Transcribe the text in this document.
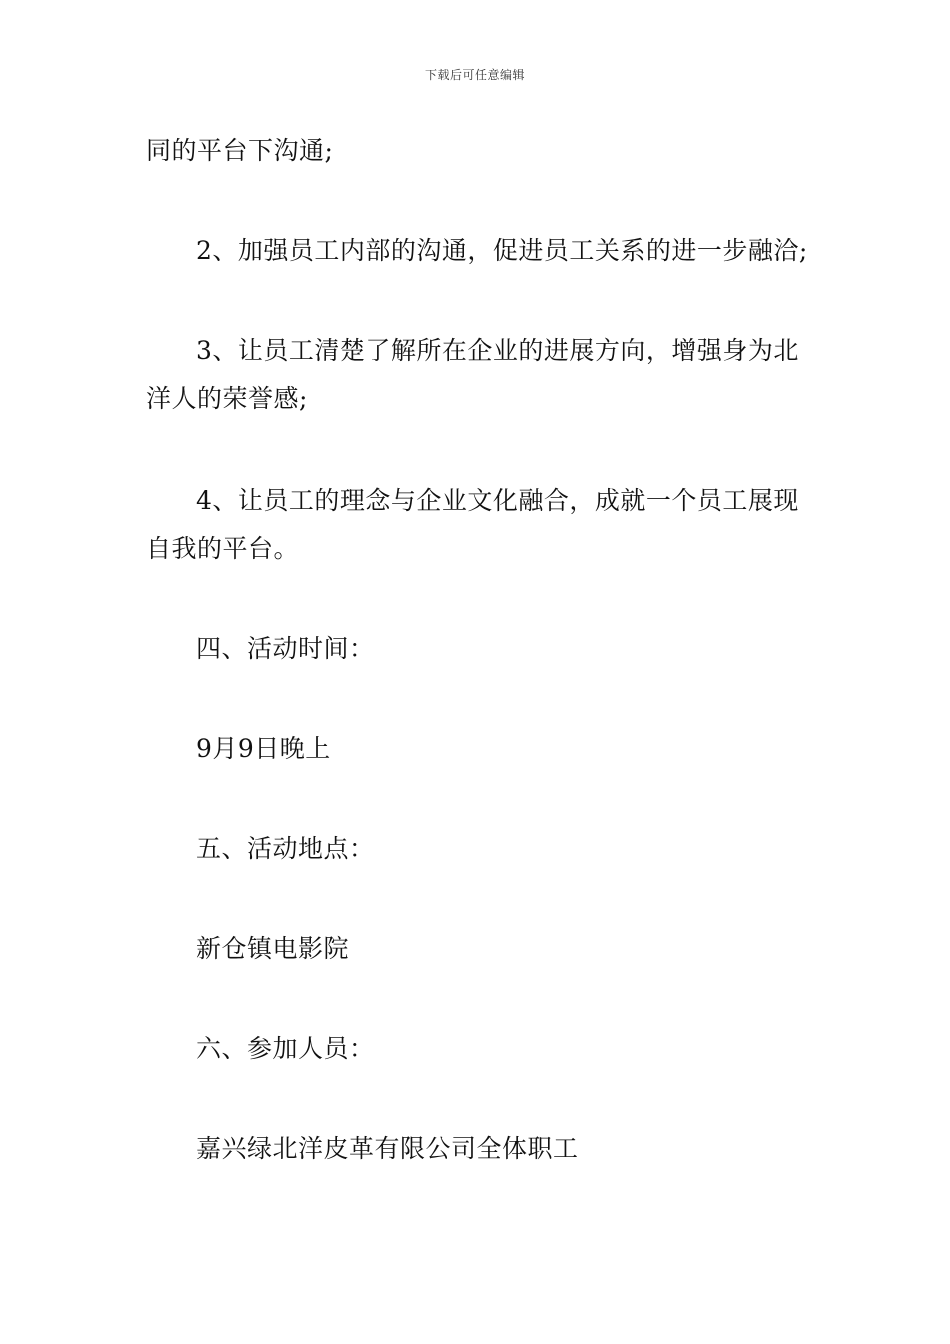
下载后可任意编辑
同的平台下沟通;
2、加强员工内部的沟通，促进员工关系的进一步融洽;
3、让员工清楚了解所在企业的进展方向，增强身为北
洋人的荣誉感;
4、让员工的理念与企业文化融合，成就一个员工展现
自我的平台。
四、活动时间：
9月9日晚上
五、活动地点：
新仓镇电影院
六、参加人员：
嘉兴绿北洋皮革有限公司全体职工
